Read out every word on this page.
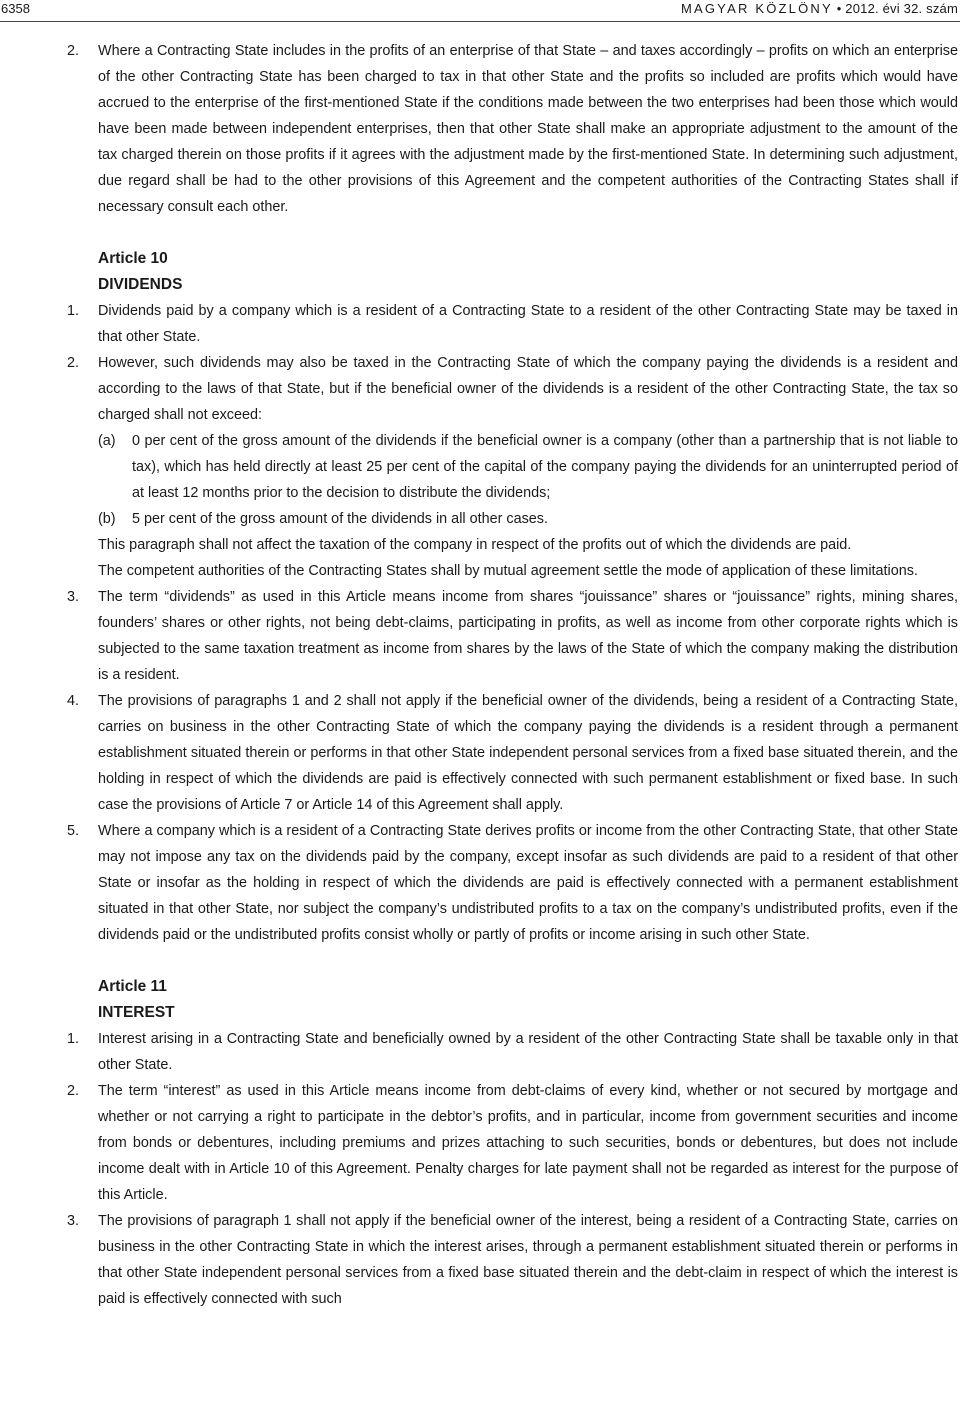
6358	MAGYAR KÖZLÖNY • 2012. évi 32. szám

2. Where a Contracting State includes in the profits of an enterprise of that State – and taxes accordingly – profits on which an enterprise of the other Contracting State has been charged to tax in that other State and the profits so included are profits which would have accrued to the enterprise of the first-mentioned State if the conditions made between the two enterprises had been those which would have been made between independent enterprises, then that other State shall make an appropriate adjustment to the amount of the tax charged therein on those profits if it agrees with the adjustment made by the first-mentioned State. In determining such adjustment, due regard shall be had to the other provisions of this Agreement and the competent authorities of the Contracting States shall if necessary consult each other.

Article 10
DIVIDENDS

1. Dividends paid by a company which is a resident of a Contracting State to a resident of the other Contracting State may be taxed in that other State.

2. However, such dividends may also be taxed in the Contracting State of which the company paying the dividends is a resident and according to the laws of that State, but if the beneficial owner of the dividends is a resident of the other Contracting State, the tax so charged shall not exceed:

(a) 0 per cent of the gross amount of the dividends if the beneficial owner is a company (other than a partnership that is not liable to tax), which has held directly at least 25 per cent of the capital of the company paying the dividends for an uninterrupted period of at least 12 months prior to the decision to distribute the dividends;

(b) 5 per cent of the gross amount of the dividends in all other cases.

This paragraph shall not affect the taxation of the company in respect of the profits out of which the dividends are paid.

The competent authorities of the Contracting States shall by mutual agreement settle the mode of application of these limitations.

3. The term “dividends” as used in this Article means income from shares “jouissance” shares or “jouissance” rights, mining shares, founders’ shares or other rights, not being debt-claims, participating in profits, as well as income from other corporate rights which is subjected to the same taxation treatment as income from shares by the laws of the State of which the company making the distribution is a resident.

4. The provisions of paragraphs 1 and 2 shall not apply if the beneficial owner of the dividends, being a resident of a Contracting State, carries on business in the other Contracting State of which the company paying the dividends is a resident through a permanent establishment situated therein or performs in that other State independent personal services from a fixed base situated therein, and the holding in respect of which the dividends are paid is effectively connected with such permanent establishment or fixed base. In such case the provisions of Article 7 or Article 14 of this Agreement shall apply.

5. Where a company which is a resident of a Contracting State derives profits or income from the other Contracting State, that other State may not impose any tax on the dividends paid by the company, except insofar as such dividends are paid to a resident of that other State or insofar as the holding in respect of which the dividends are paid is effectively connected with a permanent establishment situated in that other State, nor subject the company’s undistributed profits to a tax on the company’s undistributed profits, even if the dividends paid or the undistributed profits consist wholly or partly of profits or income arising in such other State.

Article 11
INTEREST

1. Interest arising in a Contracting State and beneficially owned by a resident of the other Contracting State shall be taxable only in that other State.

2. The term “interest” as used in this Article means income from debt-claims of every kind, whether or not secured by mortgage and whether or not carrying a right to participate in the debtor’s profits, and in particular, income from government securities and income from bonds or debentures, including premiums and prizes attaching to such securities, bonds or debentures, but does not include income dealt with in Article 10 of this Agreement. Penalty charges for late payment shall not be regarded as interest for the purpose of this Article.

3. The provisions of paragraph 1 shall not apply if the beneficial owner of the interest, being a resident of a Contracting State, carries on business in the other Contracting State in which the interest arises, through a permanent establishment situated therein or performs in that other State independent personal services from a fixed base situated therein and the debt-claim in respect of which the interest is paid is effectively connected with such
